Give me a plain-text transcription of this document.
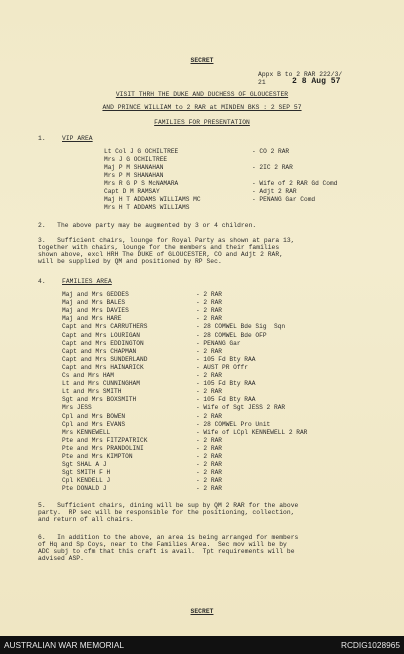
SECRET
Appx B to 2 RAR 222/3/
21	2 8 Aug 57
VISIT THRH THE DUKE AND DUCHESS OF GLOUCESTER
AND PRINCE WILLIAM to 2 RAR at MINDEN BKS : 2 SEP 57
FAMILIES FOR PRESENTATION
1.	VIP AREA
Lt Col J G OCHILTREE	- CO 2 RAR
Mrs J G OCHILTREE
Maj P M SHANAHAN	- 2IC 2 RAR
Mrs P M SHANAHAN
Mrs R G P S McNAMARA	- Wife of 2 RAR Gd Comd
Capt D M RAMSAY	- Adjt 2 RAR
Maj H T ADDAMS WILLIAMS MC	- PENANG Gar Comd
Mrs H T ADDAMS WILLIAMS
2.   The above party may be augmented by 3 or 4 children.
3.   Sufficient chairs, lounge for Royal Party as shown at para 13,
together with chairs, lounge for the members and their families
shown above, excl HRH The DUKE of GLOUCESTER, CO and Adjt 2 RAR,
will be supplied by QM and positioned by RP Sec.
4.	FAMILIES AREA
Maj and Mrs GEDDES	- 2 RAR
Maj and Mrs BALES	- 2 RAR
Maj and Mrs DAVIES	- 2 RAR
Maj and Mrs HARE	- 2 RAR
Capt and Mrs CARRUTHERS	- 28 COMWEL Bde Sig  Sqn
Capt and Mrs LOURIGAN	- 28 COMWEL Bde OFP
Capt and Mrs EDDINGTON	- PENANG Gar
Capt and Mrs CHAPMAN	- 2 RAR
Capt and Mrs SUNDERLAND	- 105 Fd Bty RAA
Capt and Mrs HAINARICK	- AUST PR Offr
Cs and Mrs HAM	- 2 RAR
Lt and Mrs CUNNINGHAM	- 105 Fd Bty RAA
Lt and Mrs SMITH	- 2 RAR
Sgt and Mrs BOXSMITH	- 105 Fd Bty RAA
Mrs JESS	- Wife of Sgt JESS 2 RAR
Cpl and Mrs BOWEN	- 2 RAR
Cpl and Mrs EVANS	- 28 COMWEL Pro Unit
Mrs KENNEWELL	- Wife of LCpl KENNEWELL 2 RAR
Pte and Mrs FITZPATRICK	- 2 RAR
Pte and Mrs PRANDOLINI	- 2 RAR
Pte and Mrs KIMPTON	- 2 RAR
Sgt SHAL A J	- 2 RAR
Sgt SMITH F H	- 2 RAR
Cpl KENDELL J	- 2 RAR
Pte DONALD J	- 2 RAR
5.   Sufficient chairs, dining will be sup by QM 2 RAR for the above
party.  RP sec will be responsible for the positioning, collection,
and return of all chairs.
6.   In addition to the above, an area is being arranged for members
of Hq and Sp Coys, near to the Families Area.  Sec mov will be by
ADC subj to cfm that this craft is avail.  Tpt requirements will be
advised ASP.
SECRET
AUSTRALIAN WAR MEMORIAL	RCDIG1028965
